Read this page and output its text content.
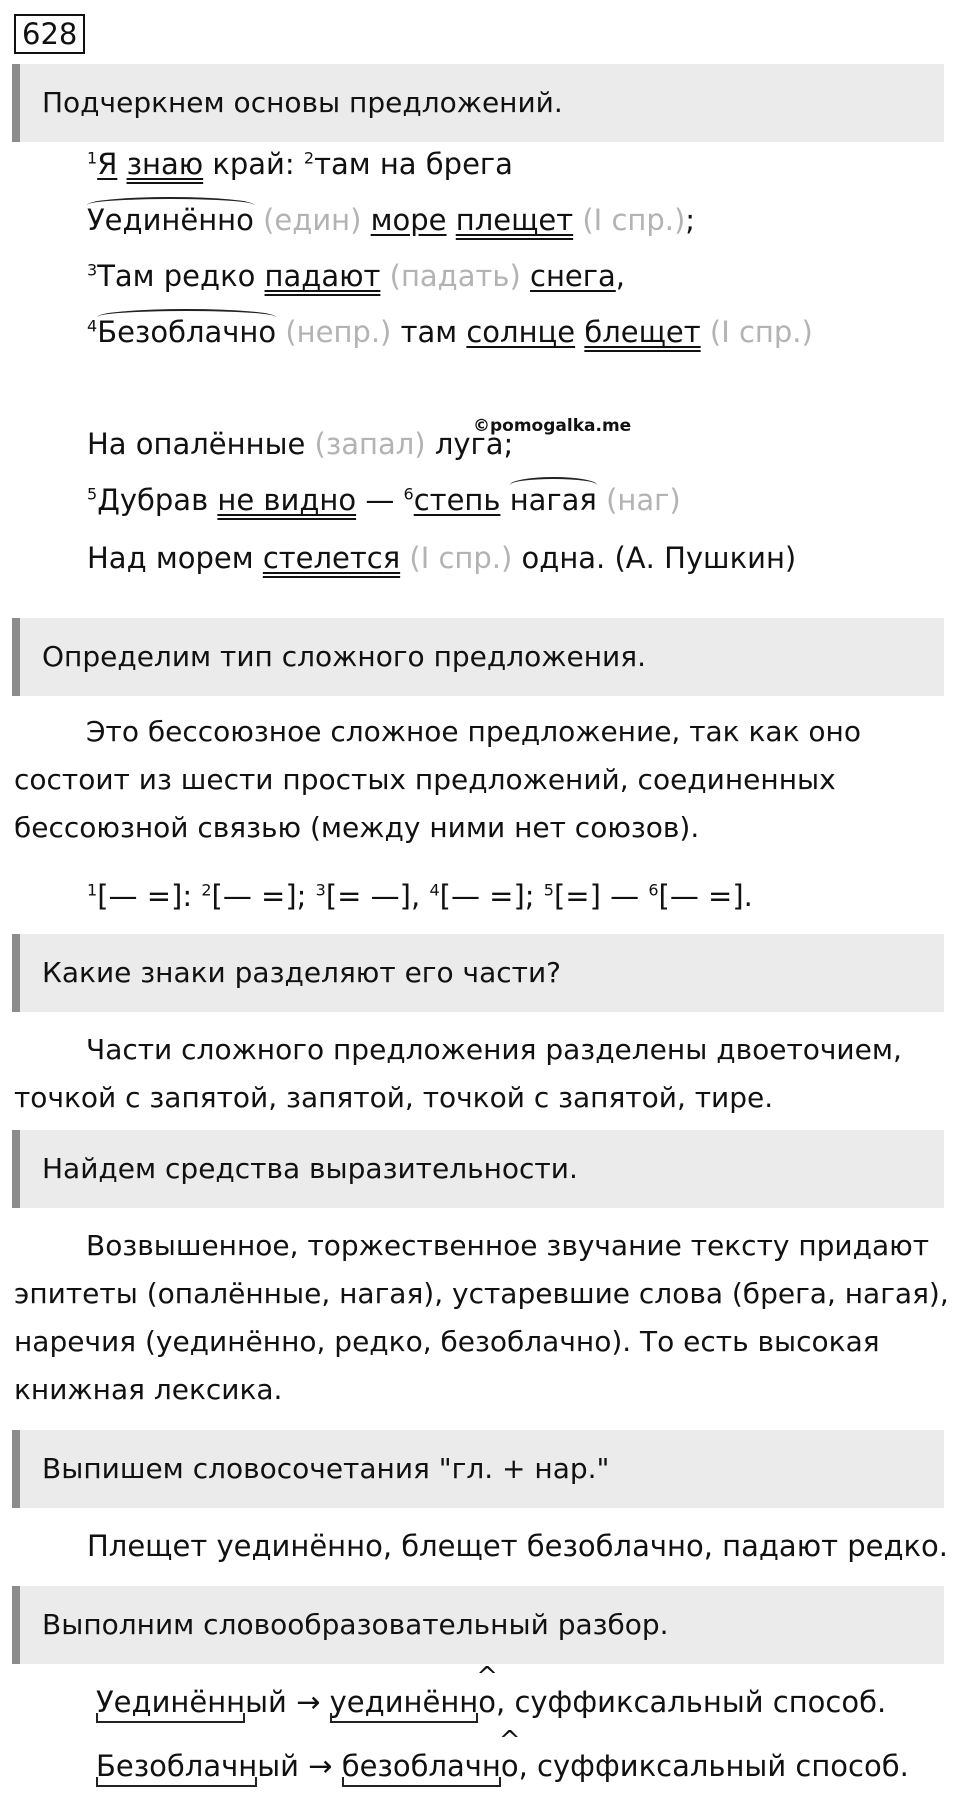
628
Подчеркнем основы предложений.
$^1$Я знаю край: $^2$там на брега
Уединённо (един) море плещет (I спр.);
$^3$Там редко падают (падать) снега,
$^4$Безоблачно (непр.) там солнце блещет (I спр.)
©pomogalka.me
На опалённые (запал) луга;
$^5$Дубрав не видно — $^6$степь нагая (наг)
Над морем стелется (I спр.) одна. (А. Пушкин)
Определим тип сложного предложения.
Это бессоюзное сложное предложение, так как оно состоит из шести простых предложений, соединенных бессоюзной связью (между ними нет союзов).
$^1$[— =]: $^2$[— =]; $^3$[= —], $^4$[— =]; $^5$[=] — $^6$[— =].
Какие знаки разделяют его части?
Части сложного предложения разделены двоеточием, точкой с запятой, запятой, точкой с запятой, тире.
Найдем средства выразительности.
Возвышенное, торжественное звучание тексту придают эпитеты (опалённые, нагая), устаревшие слова (брега, нагая), наречия (уединённо, редко, безоблачно). То есть высокая книжная лексика.
Выпишем словосочетания "гл. + нар."
Плещет уединённо, блещет безоблачно, падают редко.
Выполним словообразовательный разбор.
Уединённый → уединённ^ о, суффиксальный способ.
Безоблачный → безоблачн^ о, суффиксальный способ.
